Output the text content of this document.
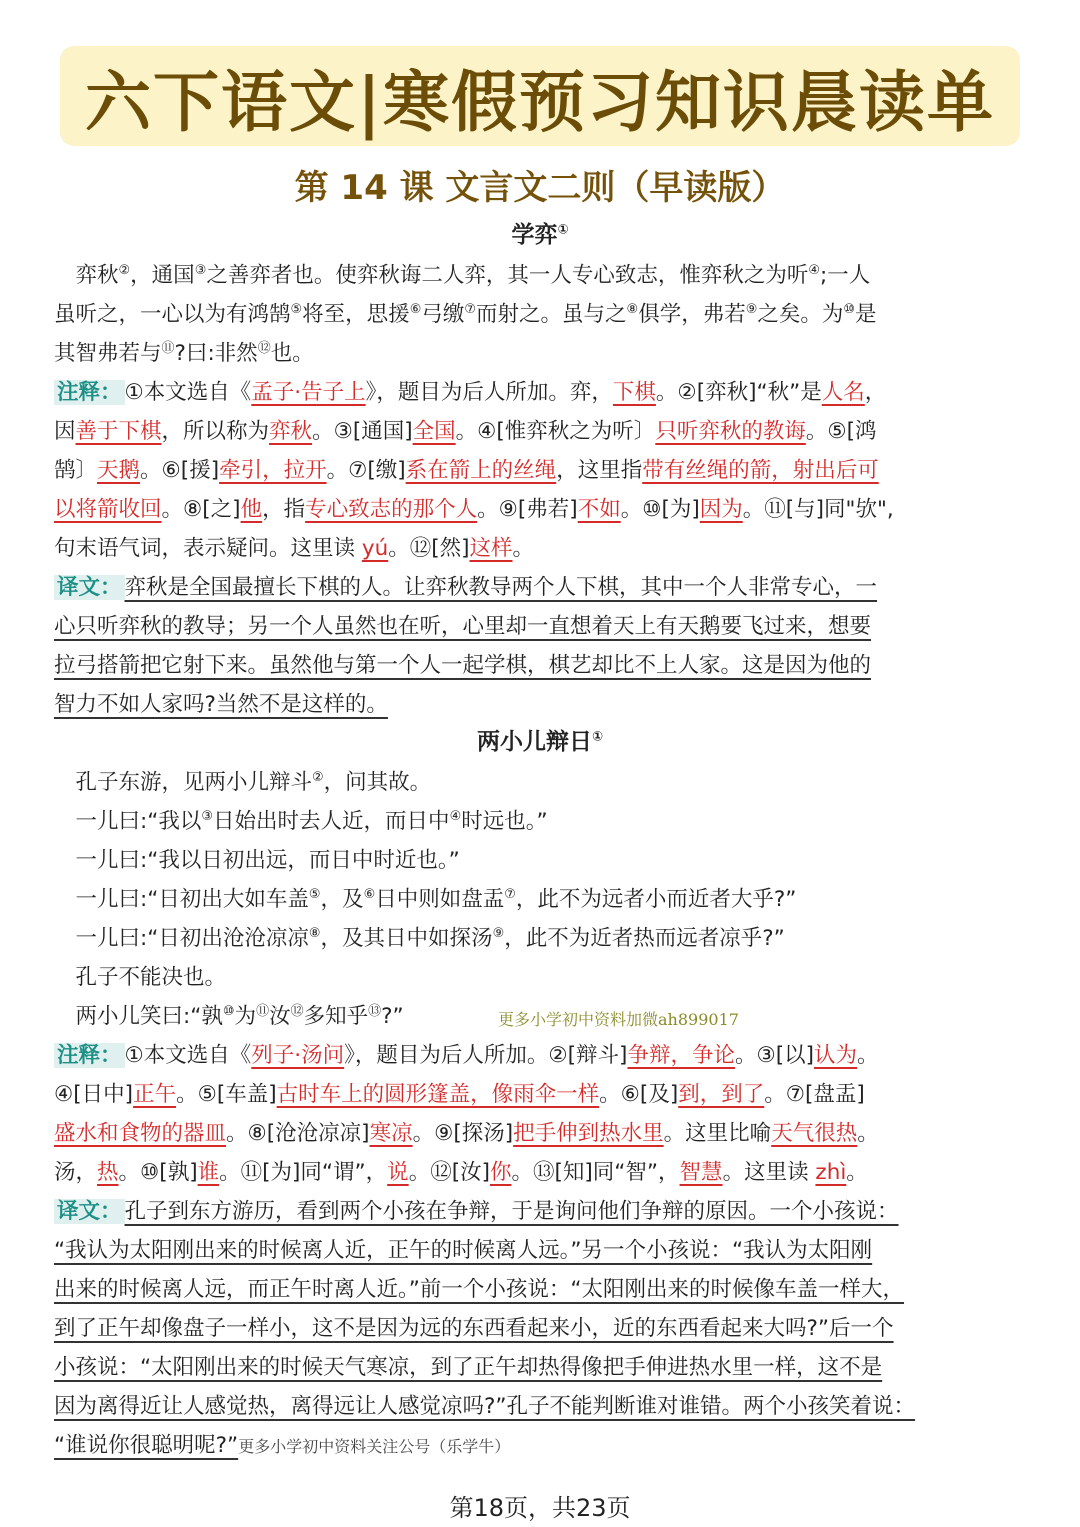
六下语文|寒假预习知识晨读单
第 14 课 文言文二则（早读版）
学弈①
　弈秋②，通国③之善弈者也。使弈秋诲二人弈，其一人专心致志，惟弈秋之为听④;一人
虽听之，一心以为有鸿鹄⑤将至，思援⑥弓缴⑦而射之。虽与之⑧俱学，弗若⑨之矣。为⑩是
其智弗若与⑪?曰:非然⑫也。
注释： ①本文选自《孟子·告子上》，题目为后人所加。弈，下棋。②[弈秋]“秋”是人名，
因善于下棋，所以称为弈秋。③[通国]全国。④[惟弈秋之为听〕只听弈秋的教诲。⑤[鸿
鹄〕天鹅。⑥[援]牵引，拉开。⑦[缴]系在箭上的丝绳，这里指带有丝绳的箭，射出后可
以将箭收回。⑧[之]他，指专心致志的那个人。⑨[弗若]不如。⑩[为]因为。⑪[与]同"欤",
句末语气词，表示疑问。这里读 yú。⑫[然]这样。
译文： 弈秋是全国最擅长下棋的人。让弈秋教导两个人下棋，其中一个人非常专心，一
心只听弈秋的教导；另一个人虽然也在听，心里却一直想着天上有天鹅要飞过来，想要
拉弓搭箭把它射下来。虽然他与第一个人一起学棋，棋艺却比不上人家。这是因为他的
智力不如人家吗?当然不是这样的。
两小儿辩日①
　孔子东游，见两小儿辩斗②，问其故。
　一儿曰:“我以③日始出时去人近，而日中④时远也。”
　一儿曰:“我以日初出远，而日中时近也。”
　一儿曰:“日初出大如车盖⑤，及⑥日中则如盘盂⑦，此不为远者小而近者大乎?”
　一儿曰:“日初出沧沧凉凉⑧，及其日中如探汤⑨，此不为近者热而远者凉乎?”
　孔子不能决也。
　两小儿笑曰:“孰⑩为⑪汝⑫多知乎⑬?”	更多小学初中资料加微ah899017
注释： ①本文选自《列子·汤问》，题目为后人所加。②[辩斗]争辩，争论。③[以]认为。
④[日中]正午。⑤[车盖]古时车上的圆形篷盖，像雨伞一样。⑥[及]到，到了。⑦[盘盂]
盛水和食物的器皿。⑧[沧沧凉凉]寒凉。⑨[探汤]把手伸到热水里。这里比喻天气很热。
汤，热。⑩[孰]谁。⑪[为]同“谓”，说。⑫[汝]你。⑬[知]同“智”，智慧。这里读 zhì。
译文： 孔子到东方游历，看到两个小孩在争辩，于是询问他们争辩的原因。一个小孩说：
“我认为太阳刚出来的时候离人近，正午的时候离人远。”另一个小孩说：“我认为太阳刚
出来的时候离人远，而正午时离人近。”前一个小孩说：“太阳刚出来的时候像车盖一样大，
到了正午却像盘子一样小，这不是因为远的东西看起来小，近的东西看起来大吗?”后一个
小孩说：“太阳刚出来的时候天气寒凉，到了正午却热得像把手伸进热水里一样，这不是
因为离得近让人感觉热，离得远让人感觉凉吗?”孔子不能判断谁对谁错。两个小孩笑着说：
“谁说你很聪明呢?”更多小学初中资料关注公号（乐学牛）
第18页，共23页
